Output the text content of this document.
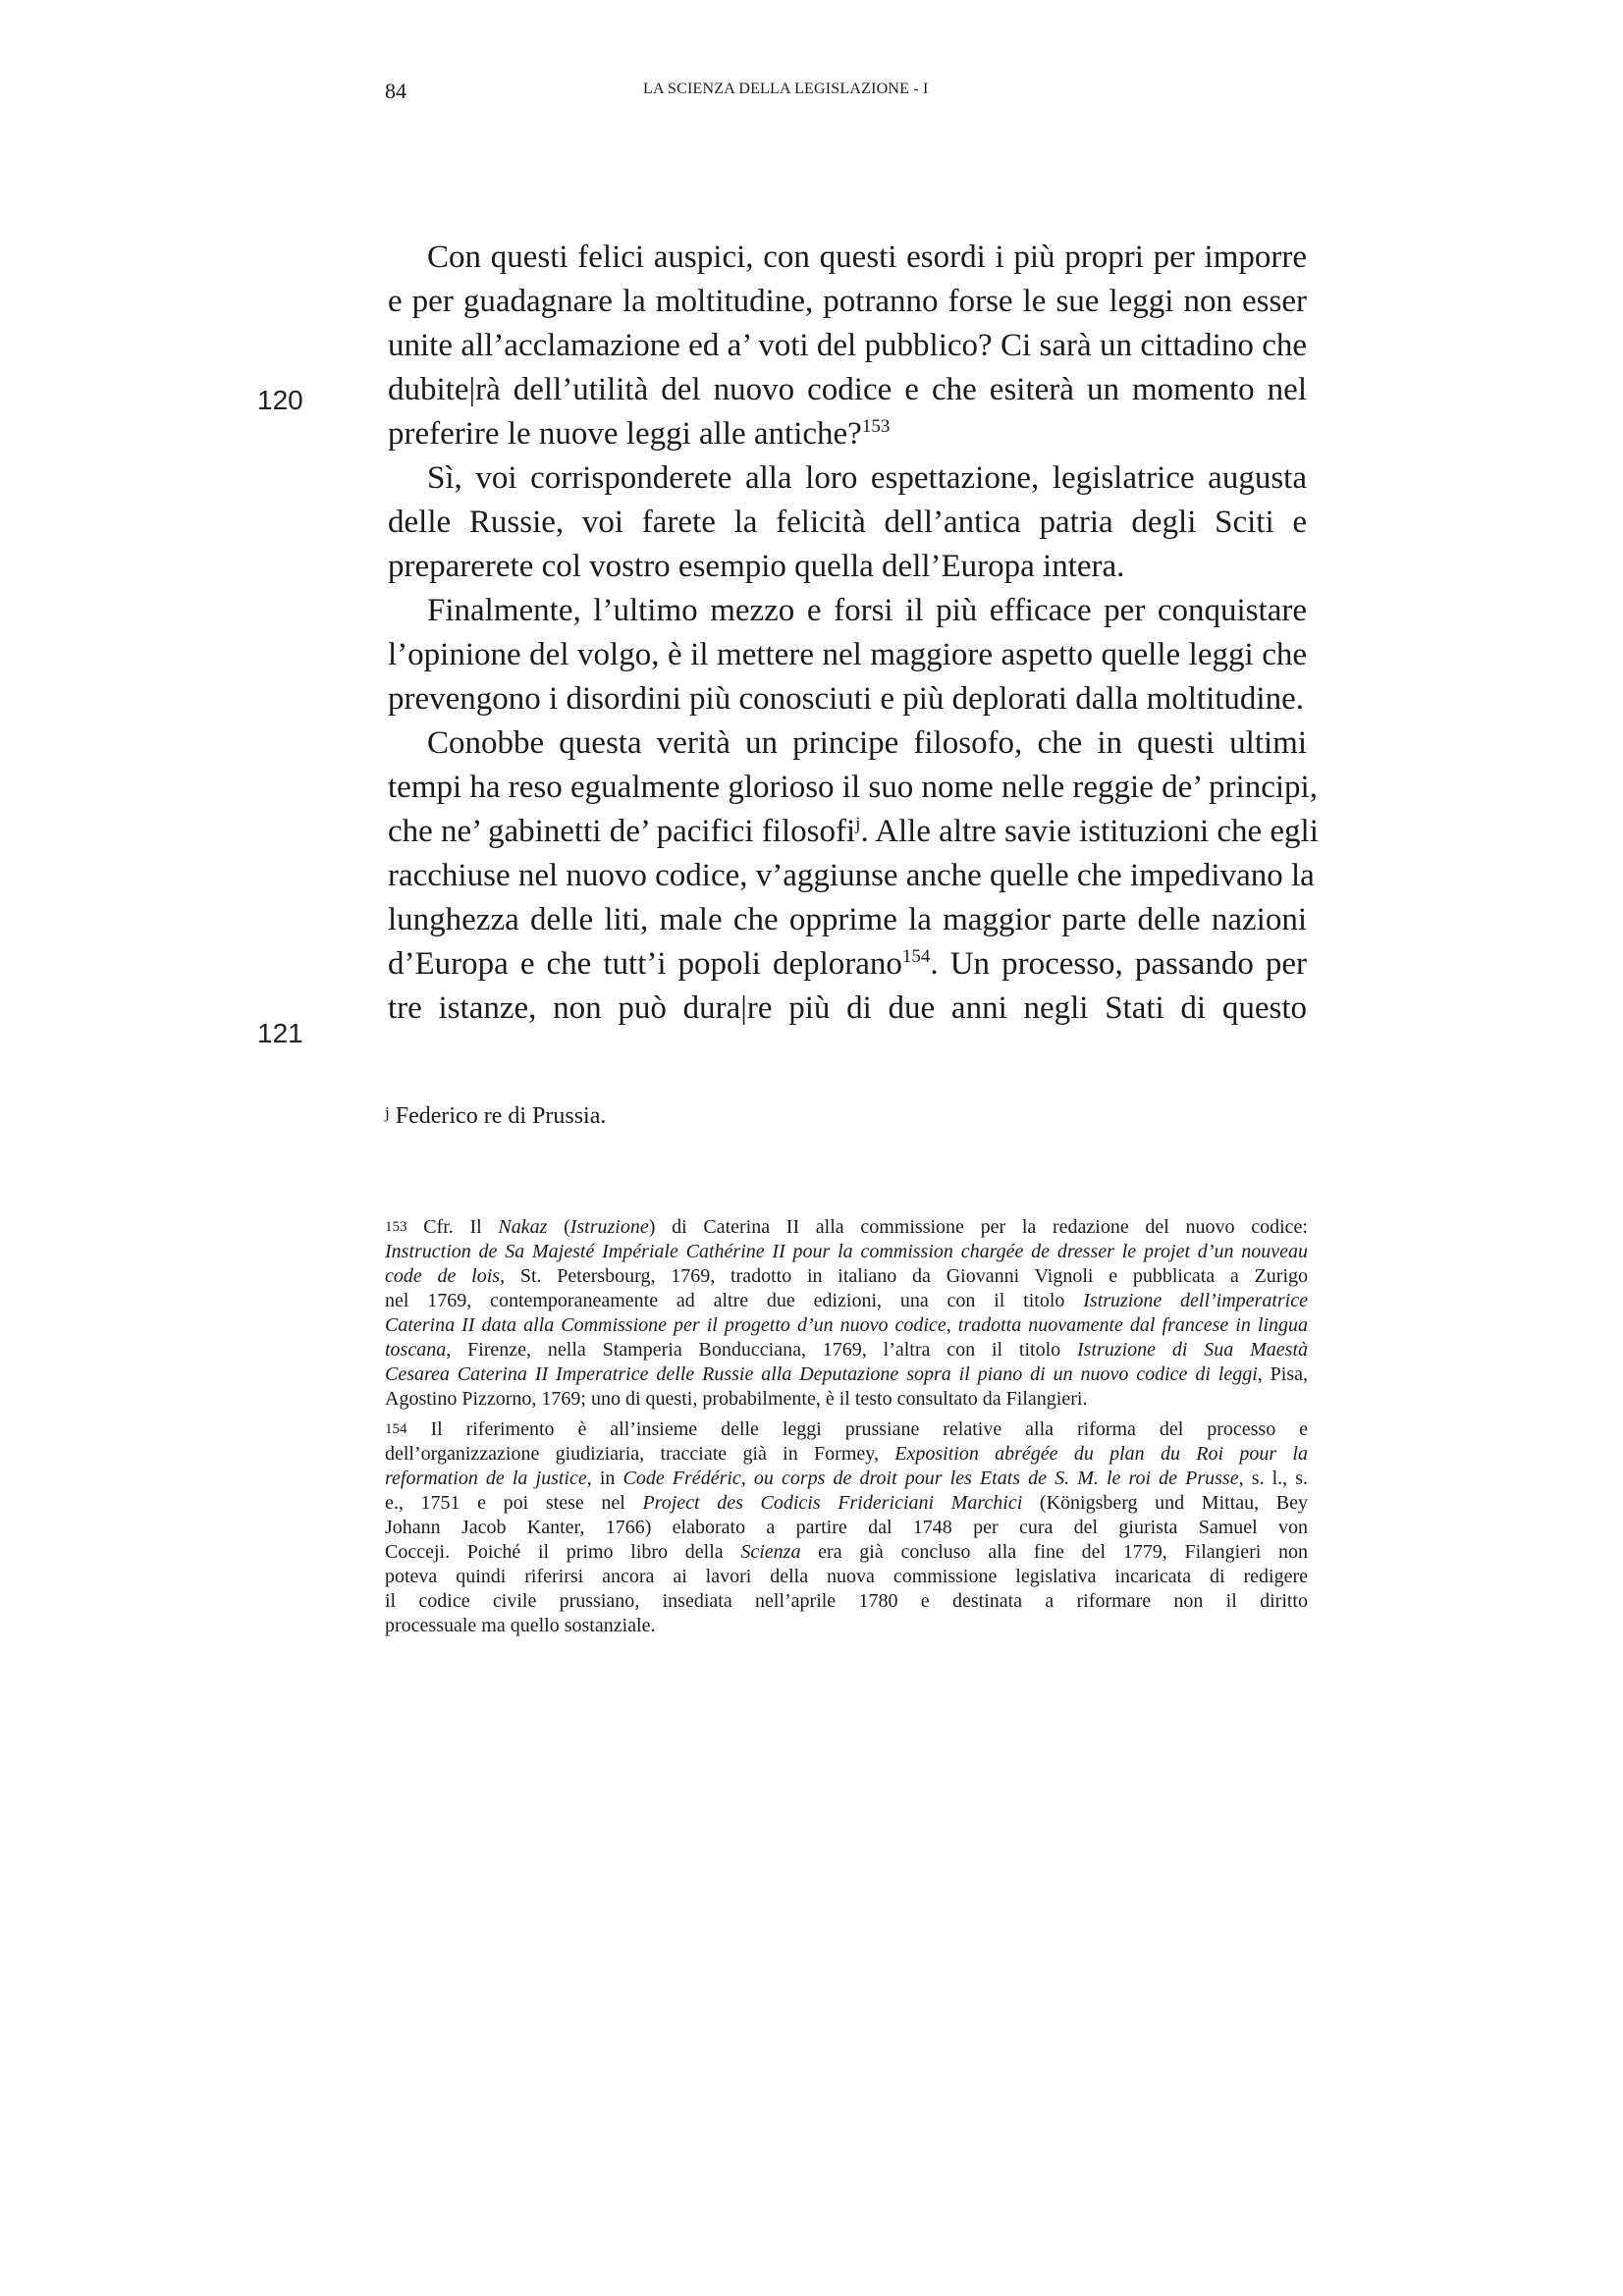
84	LA SCIENZA DELLA LEGISLAZIONE - I
120
121

Con questi felici auspici, con questi esordi i più propri per imporre
e per guadagnare la moltitudine, potranno forse le sue leggi non esser
unite all’acclamazione ed a’ voti del pubblico? Ci sarà un cittadino che
dubite|rà dell’utilità del nuovo codice e che esiterà un momento nel
preferire le nuove leggi alle antiche?$^{153}$

Sì, voi corrisponderete alla loro espettazione, legislatrice augusta
delle Russie, voi farete la felicità dell’antica patria degli Sciti e
preparerete col vostro esempio quella dell’Europa intera.

Finalmente, l’ultimo mezzo e forsi il più efficace per conquistare
l’opinione del volgo, è il mettere nel maggiore aspetto quelle leggi che
prevengono i disordini più conosciuti e più deplorati dalla moltitudine.

Conobbe questa verità un principe filosofo, che in questi ultimi
tempi ha reso egualmente glorioso il suo nome nelle reggie de’ principi,
che ne’ gabinetti de’ pacifici filosofi$^j$. Alle altre savie istituzioni che egli
racchiuse nel nuovo codice, v’aggiunse anche quelle che impedivano la
lunghezza delle liti, male che opprime la maggior parte delle nazioni
d’Europa e che tutt’i popoli deplorano$^{154}$. Un processo, passando per
tre istanze, non può dura|re più di due anni negli Stati di questo

$^j$ Federico re di Prussia.
$^{153}$ Cfr. Il Nakaz (Istruzione) di Caterina II alla commissione per la redazione del nuovo codice:
Instruction de Sa Majesté Impériale Cathérine II pour la commission chargée de dresser le projet d’un nouveau
code de lois, St. Petersbourg, 1769, tradotto in italiano da Giovanni Vignoli e pubblicata a Zurigo
nel 1769, contemporaneamente ad altre due edizioni, una con il titolo Istruzione dell’imperatrice
Caterina II data alla Commissione per il progetto d’un nuovo codice, tradotta nuovamente dal francese in lingua
toscana, Firenze, nella Stamperia Bonducciana, 1769, l’altra con il titolo Istruzione di Sua Maestà
Cesarea Caterina II Imperatrice delle Russie alla Deputazione sopra il piano di un nuovo codice di leggi, Pisa,
Agostino Pizzorno, 1769; uno di questi, probabilmente, è il testo consultato da Filangieri.
$^{154}$ Il riferimento è all’insieme delle leggi prussiane relative alla riforma del processo e
dell’organizzazione giudiziaria, tracciate già in Formey, Exposition abrégée du plan du Roi pour la
reformation de la justice, in Code Frédéric, ou corps de droit pour les Etats de S. M. le roi de Prusse, s. l., s.
e., 1751 e poi stese nel Project des Codicis Fridericiani Marchici (Königsberg und Mittau, Bey
Johann Jacob Kanter, 1766) elaborato a partire dal 1748 per cura del giurista Samuel von
Cocceji. Poiché il primo libro della Scienza era già concluso alla fine del 1779, Filangieri non
poteva quindi riferirsi ancora ai lavori della nuova commissione legislativa incaricata di redigere
il codice civile prussiano, insediata nell’aprile 1780 e destinata a riformare non il diritto
processuale ma quello sostanziale.
